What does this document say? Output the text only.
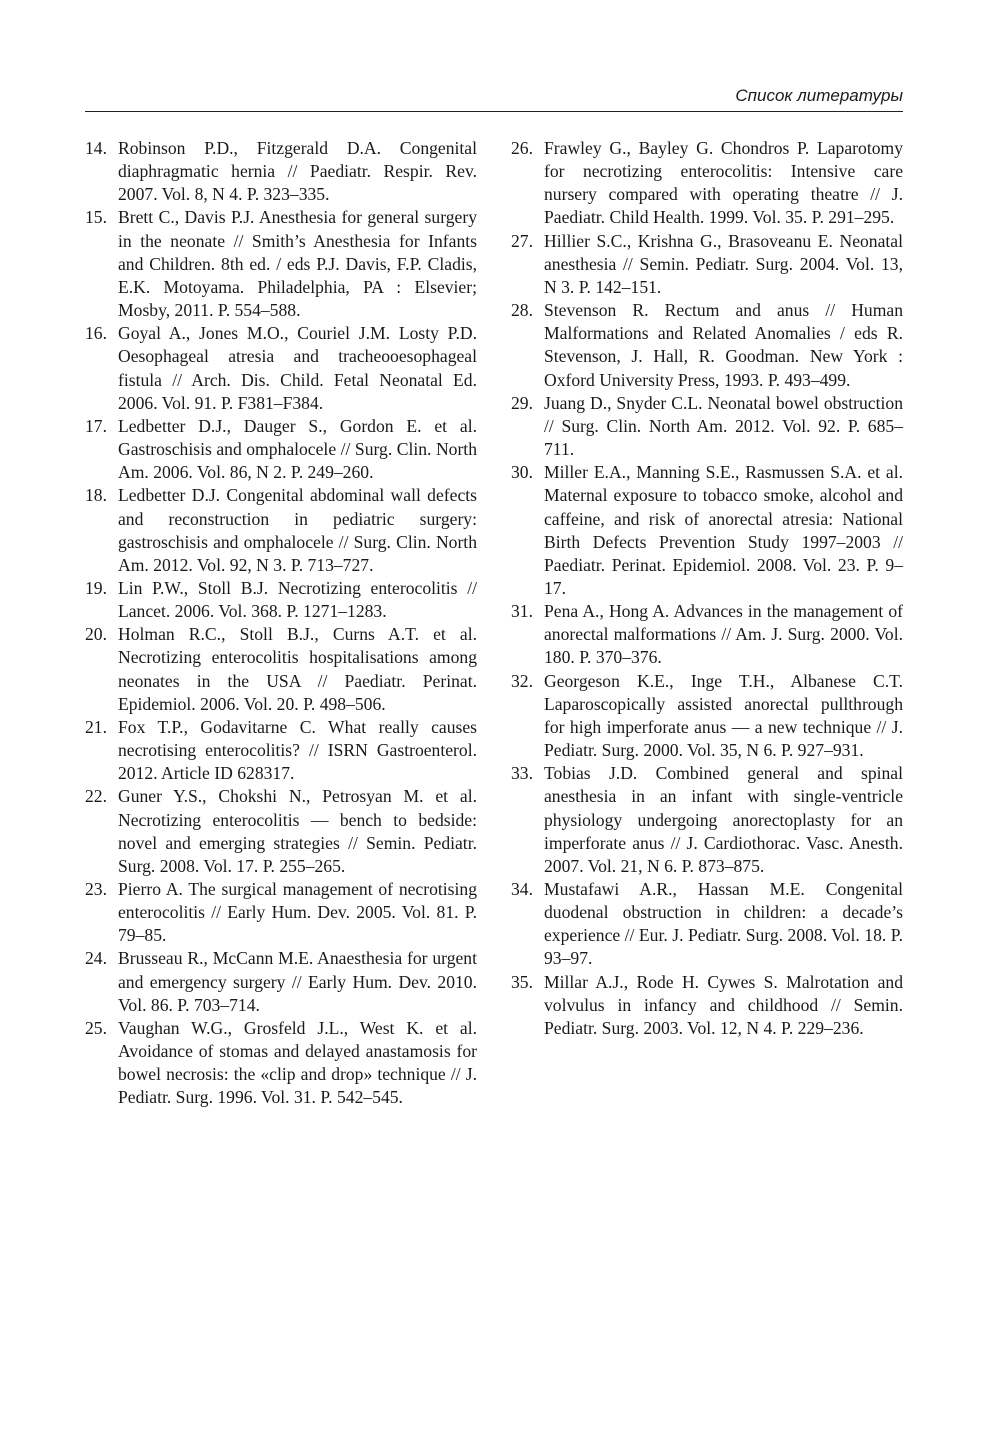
Список литературы
14. Robinson P.D., Fitzgerald D.A. Congenital diaphragmatic hernia // Paediatr. Respir. Rev. 2007. Vol. 8, N 4. P. 323–335.
15. Brett C., Davis P.J. Anesthesia for general surgery in the neonate // Smith’s Anesthesia for Infants and Children. 8th ed. / eds P.J. Davis, F.P. Cladis, E.K. Motoyama. Philadelphia, PA : Elsevier; Mosby, 2011. P. 554–588.
16. Goyal A., Jones M.O., Couriel J.M. Losty P.D. Oesophageal atresia and tracheooesophageal fistula // Arch. Dis. Child. Fetal Neonatal Ed. 2006. Vol. 91. P. F381–F384.
17. Ledbetter D.J., Dauger S., Gordon E. et al. Gastroschisis and omphalocele // Surg. Clin. North Am. 2006. Vol. 86, N 2. P. 249–260.
18. Ledbetter D.J. Congenital abdominal wall defects and reconstruction in pediatric surgery: gastroschisis and omphalocele // Surg. Clin. North Am. 2012. Vol. 92, N 3. P. 713–727.
19. Lin P.W., Stoll B.J. Necrotizing enterocolitis // Lancet. 2006. Vol. 368. P. 1271–1283.
20. Holman R.C., Stoll B.J., Curns A.T. et al. Necrotizing enterocolitis hospitalisations among neonates in the USA // Paediatr. Perinat. Epidemiol. 2006. Vol. 20. P. 498–506.
21. Fox T.P., Godavitarne C. What really causes necrotising enterocolitis? // ISRN Gastroenterol. 2012. Article ID 628317.
22. Guner Y.S., Chokshi N., Petrosyan M. et al. Necrotizing enterocolitis — bench to bedside: novel and emerging strategies // Semin. Pediatr. Surg. 2008. Vol. 17. P. 255–265.
23. Pierro A. The surgical management of necrotising enterocolitis // Early Hum. Dev. 2005. Vol. 81. P. 79–85.
24. Brusseau R., McCann M.E. Anaesthesia for urgent and emergency surgery // Early Hum. Dev. 2010. Vol. 86. P. 703–714.
25. Vaughan W.G., Grosfeld J.L., West K. et al. Avoidance of stomas and delayed anastamosis for bowel necrosis: the «clip and drop» technique // J. Pediatr. Surg. 1996. Vol. 31. P. 542–545.
26. Frawley G., Bayley G. Chondros P. Laparotomy for necrotizing enterocolitis: Intensive care nursery compared with operating theatre // J. Paediatr. Child Health. 1999. Vol. 35. P. 291–295.
27. Hillier S.C., Krishna G., Brasoveanu E. Neonatal anesthesia // Semin. Pediatr. Surg. 2004. Vol. 13, N 3. P. 142–151.
28. Stevenson R. Rectum and anus // Human Malformations and Related Anomalies / eds R. Stevenson, J. Hall, R. Goodman. New York : Oxford University Press, 1993. P. 493–499.
29. Juang D., Snyder C.L. Neonatal bowel obstruction // Surg. Clin. North Am. 2012. Vol. 92. P. 685–711.
30. Miller E.A., Manning S.E., Rasmussen S.A. et al. Maternal exposure to tobacco smoke, alcohol and caffeine, and risk of anorectal atresia: National Birth Defects Prevention Study 1997–2003 // Paediatr. Perinat. Epidemiol. 2008. Vol. 23. P. 9–17.
31. Pena A., Hong A. Advances in the management of anorectal malformations // Am. J. Surg. 2000. Vol. 180. P. 370–376.
32. Georgeson K.E., Inge T.H., Albanese C.T. Laparoscopically assisted anorectal pullthrough for high imperforate anus — a new technique // J. Pediatr. Surg. 2000. Vol. 35, N 6. P. 927–931.
33. Tobias J.D. Combined general and spinal anesthesia in an infant with single-ventricle physiology undergoing anorectoplasty for an imperforate anus // J. Cardiothorac. Vasc. Anesth. 2007. Vol. 21, N 6. P. 873–875.
34. Mustafawi A.R., Hassan M.E. Congenital duodenal obstruction in children: a decade’s experience // Eur. J. Pediatr. Surg. 2008. Vol. 18. P. 93–97.
35. Millar A.J., Rode H. Cywes S. Malrotation and volvulus in infancy and childhood // Semin. Pediatr. Surg. 2003. Vol. 12, N 4. P. 229–236.
